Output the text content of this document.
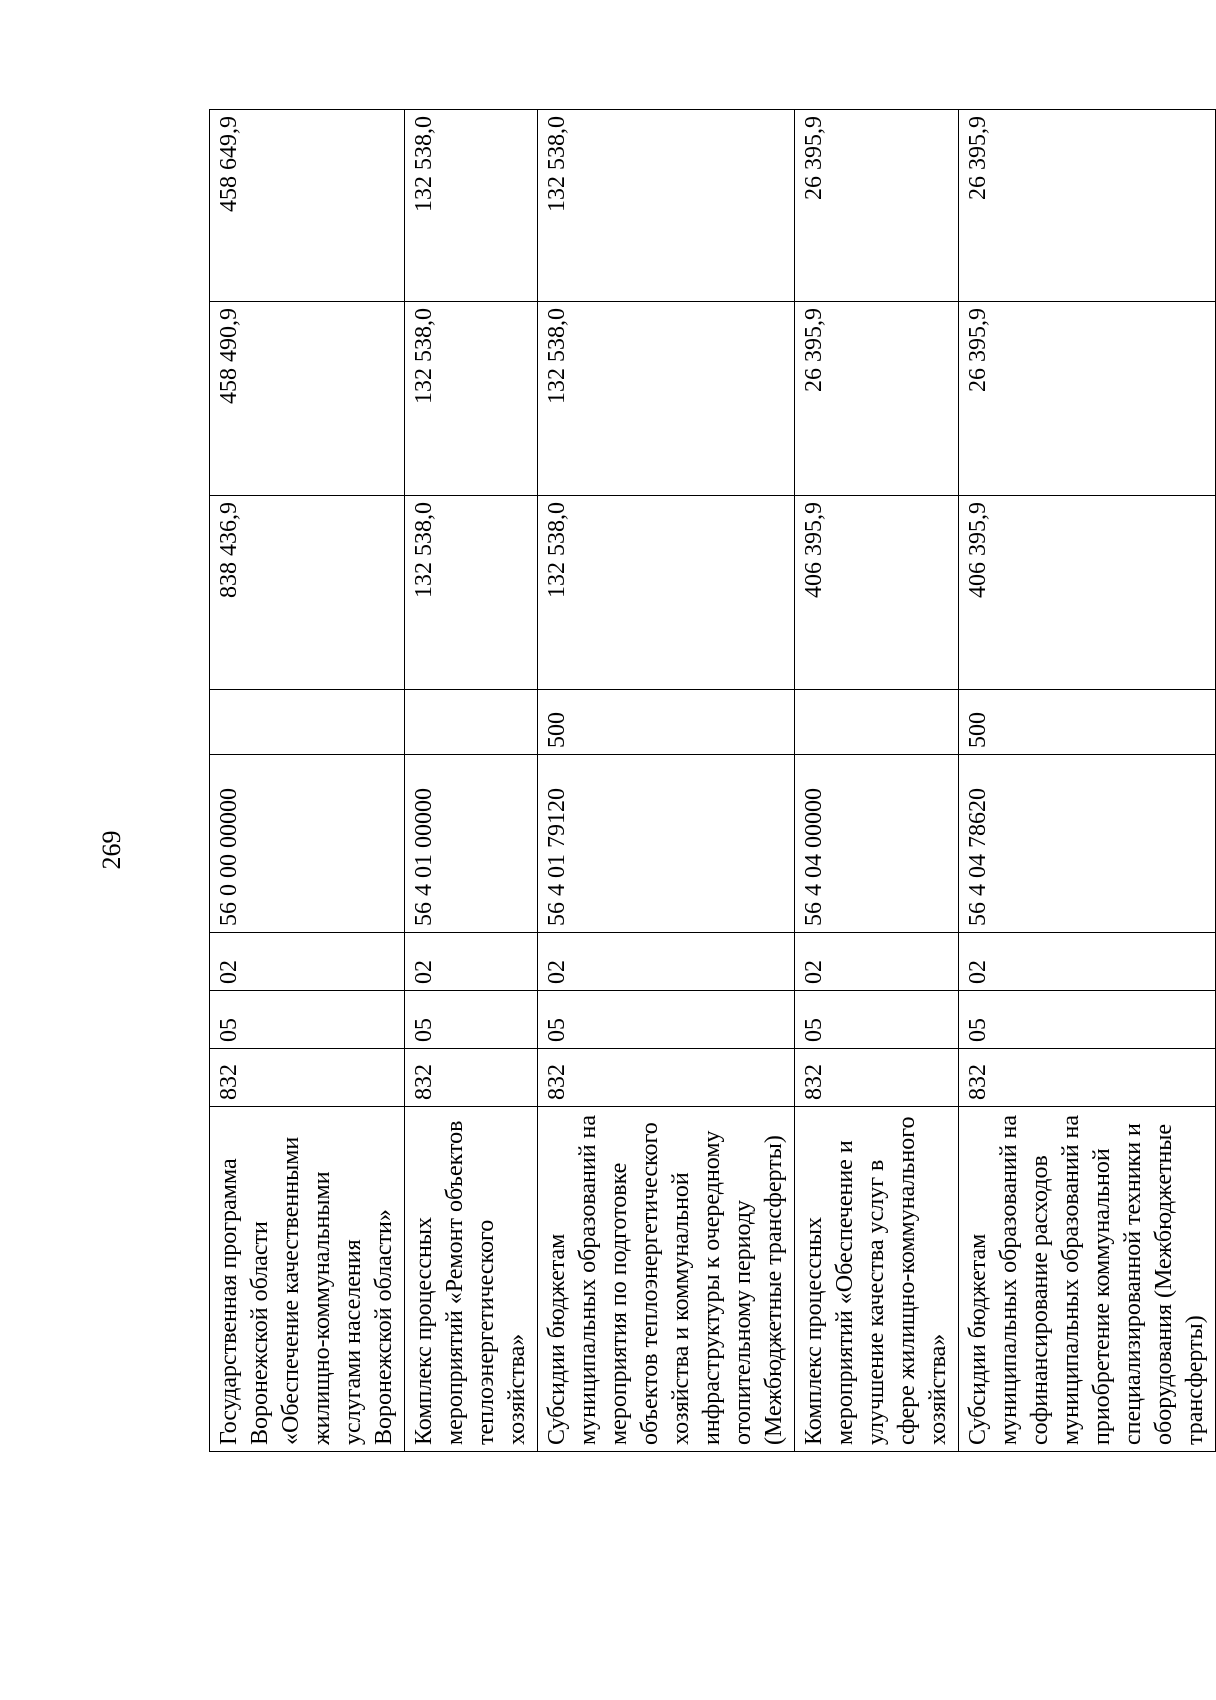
269
Государственная программа Воронежской области «Обеспечение качественными жилищно-коммунальными услугами населения Воронежской области»	832	05	02	56 0 00 00000		838 436,9	458 490,9	458 649,9
Комплекс процессных мероприятий «Ремонт объектов теплоэнергетического хозяйства»	832	05	02	56 4 01 00000		132 538,0	132 538,0	132 538,0
Субсидии бюджетам муниципальных образований на мероприятия по подготовке объектов теплоэнергетического хозяйства и коммунальной инфраструктуры к очередному отопительному периоду (Межбюджетные трансферты)	832	05	02	56 4 01 79120	500	132 538,0	132 538,0	132 538,0
Комплекс процессных мероприятий «Обеспечение и улучшение качества услуг в сфере жилищно-коммунального хозяйства»	832	05	02	56 4 04 00000		406 395,9	26 395,9	26 395,9
Субсидии бюджетам муниципальных образований на софинансирование расходов муниципальных образований на приобретение коммунальной специализированной техники и оборудования (Межбюджетные трансферты)	832	05	02	56 4 04 78620	500	406 395,9	26 395,9	26 395,9
